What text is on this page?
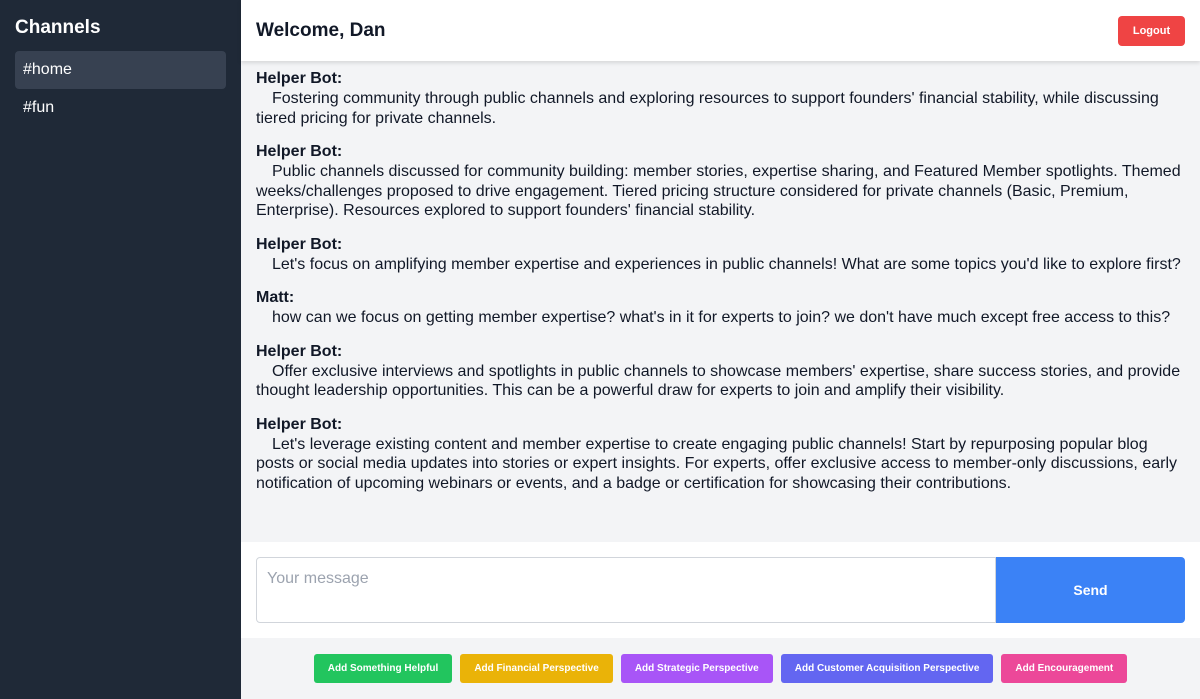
Channels
#home
#fun
Welcome, Dan	Logout
Helper Bot:
Fostering community through public channels and exploring resources to support founders' financial stability, while discussing tiered pricing for private channels.
Helper Bot:
Public channels discussed for community building: member stories, expertise sharing, and Featured Member spotlights. Themed weeks/challenges proposed to drive engagement. Tiered pricing structure considered for private channels (Basic, Premium, Enterprise). Resources explored to support founders' financial stability.
Helper Bot:
Let's focus on amplifying member expertise and experiences in public channels! What are some topics you'd like to explore first?
Matt:
how can we focus on getting member expertise? what's in it for experts to join? we don't have much except free access to this?
Helper Bot:
Offer exclusive interviews and spotlights in public channels to showcase members' expertise, share success stories, and provide thought leadership opportunities. This can be a powerful draw for experts to join and amplify their visibility.
Helper Bot:
Let's leverage existing content and member expertise to create engaging public channels! Start by repurposing popular blog posts or social media updates into stories or expert insights. For experts, offer exclusive access to member-only discussions, early notification of upcoming webinars or events, and a badge or certification for showcasing their contributions.
Your message
Send
Add Something Helpful	Add Financial Perspective	Add Strategic Perspective	Add Customer Acquisition Perspective	Add Encouragement
